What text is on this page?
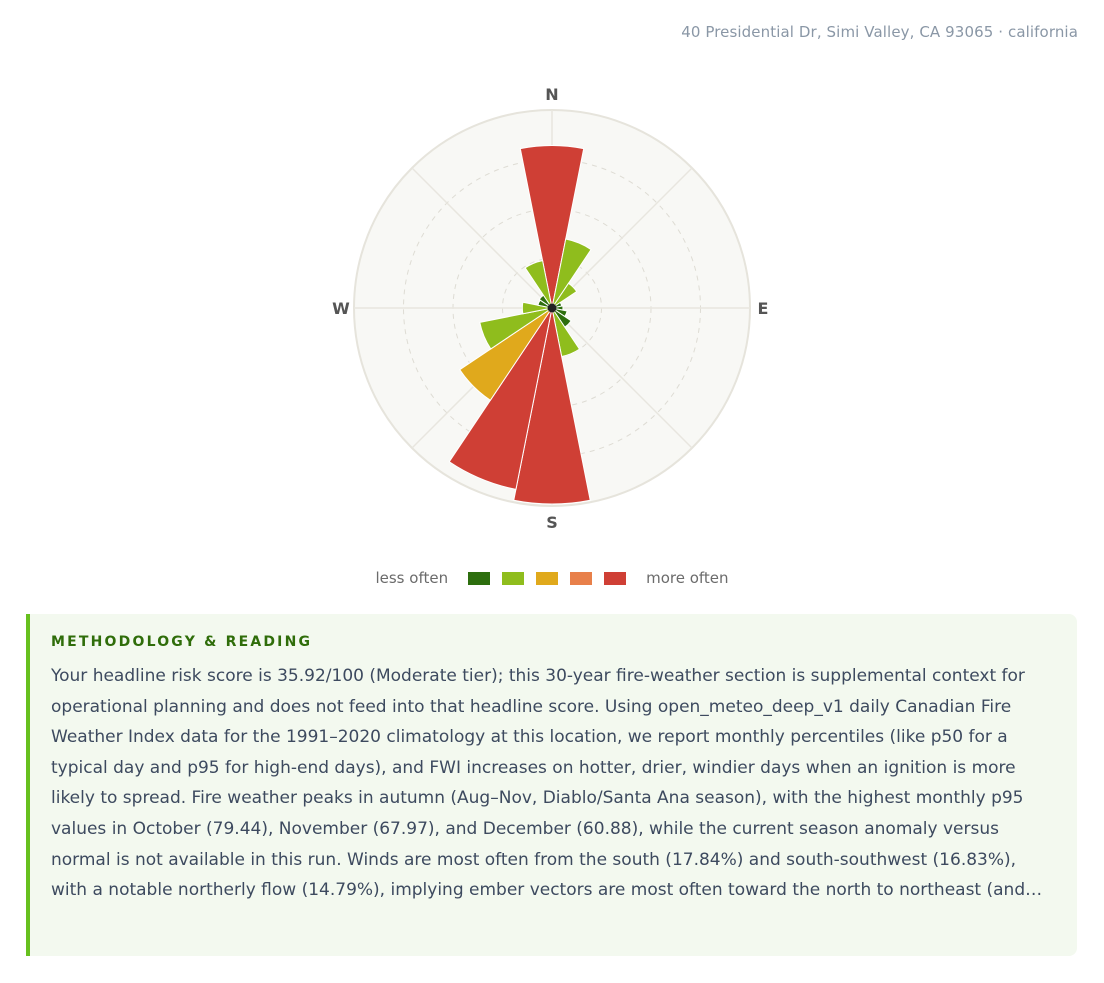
40 Presidential Dr, Simi Valley, CA 93065 · california
N
E
S
W
less often	more often
METHODOLOGY & READING

Your headline risk score is 35.92/100 (Moderate tier); this 30-year fire-weather section is supplemental context for operational planning and does not feed into that headline score. Using open_meteo_deep_v1 daily Canadian Fire Weather Index data for the 1991–2020 climatology at this location, we report monthly percentiles (like p50 for a typical day and p95 for high-end days), and FWI increases on hotter, drier, windier days when an ignition is more likely to spread. Fire weather peaks in autumn (Aug–Nov, Diablo/Santa Ana season), with the highest monthly p95 values in October (79.44), November (67.97), and December (60.88), while the current season anomaly versus normal is not available in this run. Winds are most often from the south (17.84%) and south-southwest (16.83%), with a notable northerly flow (14.79%), implying ember vectors are most often toward the north to northeast (and…
